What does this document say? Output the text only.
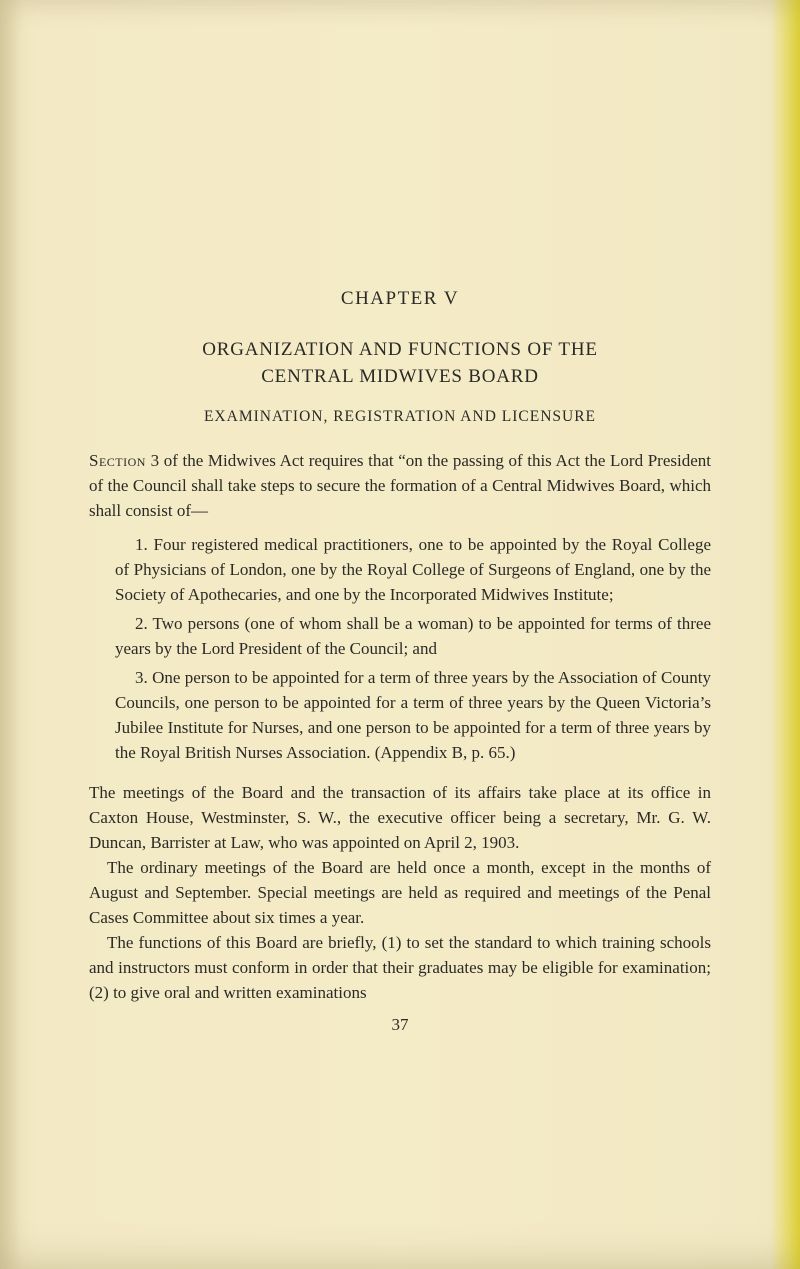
CHAPTER V
ORGANIZATION AND FUNCTIONS OF THE
CENTRAL MIDWIVES BOARD
EXAMINATION, REGISTRATION AND LICENSURE

Section 3 of the Midwives Act requires that “on the passing of this Act the Lord President of the Council shall take steps to secure the formation of a Central Midwives Board, which shall consist of—

1. Four registered medical practitioners, one to be appointed by the Royal College of Physicians of London, one by the Royal College of Surgeons of England, one by the Society of Apothecaries, and one by the Incorporated Midwives Institute;

2. Two persons (one of whom shall be a woman) to be appointed for terms of three years by the Lord President of the Council; and

3. One person to be appointed for a term of three years by the Association of County Councils, one person to be appointed for a term of three years by the Queen Victoria’s Jubilee Institute for Nurses, and one person to be appointed for a term of three years by the Royal British Nurses Association. (Appendix B, p. 65.)

The meetings of the Board and the transaction of its affairs take place at its office in Caxton House, Westminster, S. W., the executive officer being a secretary, Mr. G. W. Duncan, Barrister at Law, who was appointed on April 2, 1903.

The ordinary meetings of the Board are held once a month, except in the months of August and September. Special meetings are held as required and meetings of the Penal Cases Committee about six times a year.

The functions of this Board are briefly, (1) to set the standard to which training schools and instructors must conform in order that their graduates may be eligible for examination; (2) to give oral and written examinations

37
